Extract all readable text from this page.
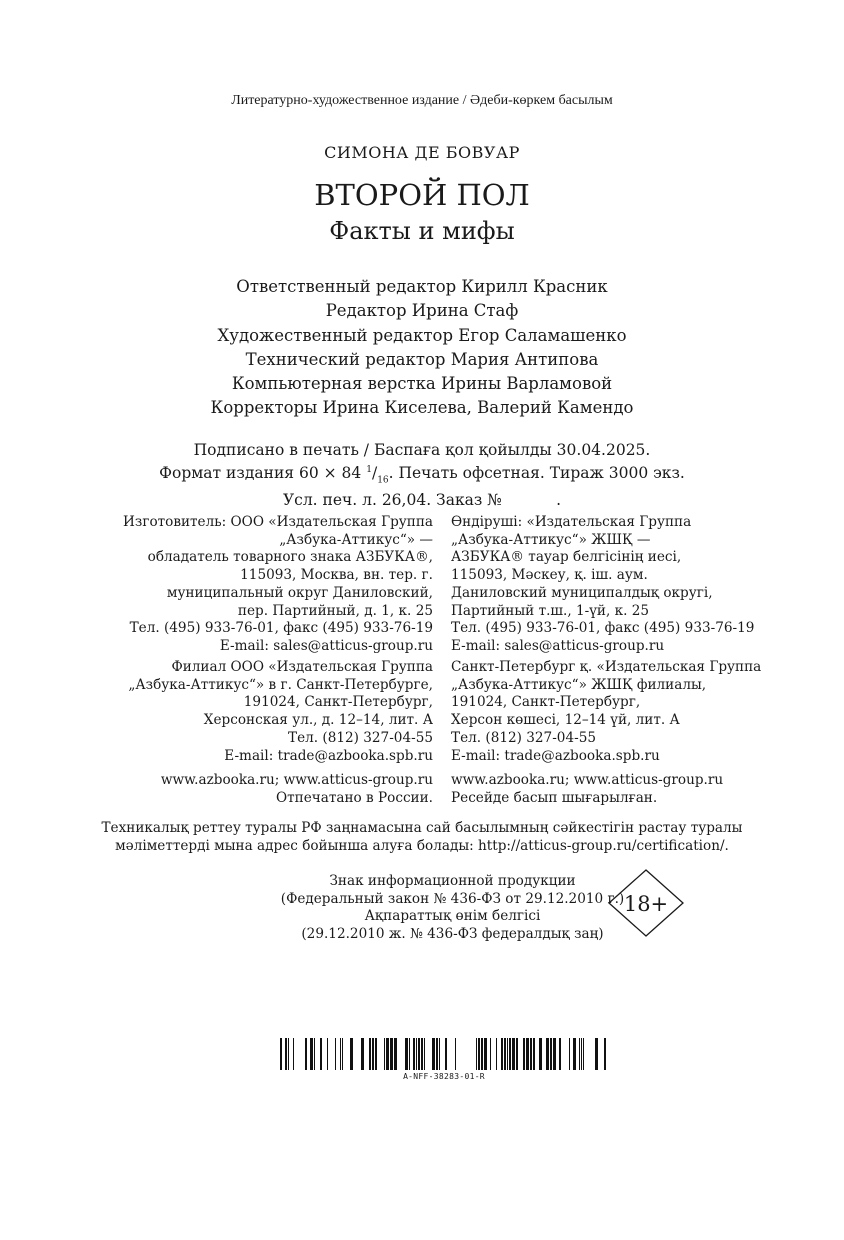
Литературно-художественное издание / Әдеби-көркем басылым
СИМОНА ДЕ БОВУАР
ВТОРОЙ ПОЛ
Факты и мифы
Ответственный редактор Кирилл Красник
Редактор Ирина Стаф
Художественный редактор Егор Саламашенко
Технический редактор Мария Антипова
Компьютерная верстка Ирины Варламовой
Корректоры Ирина Киселева, Валерий Камендо
Подписано в печать / Баспаға қол қойылды 30.04.2025.
Формат издания 60 × 84 $^1/_{16}$. Печать офсетная. Тираж 3000 экз.
Усл. печ. л. 26,04. Заказ №           .
Изготовитель: ООО «Издательская Группа
„Азбука-Аттикус“» —
обладатель товарного знака АЗБУКА®,
115093, Москва, вн. тер. г.
муниципальный округ Даниловский,
пер. Партийный, д. 1, к. 25
Тел. (495) 933-76-01, факс (495) 933-76-19
E-mail: sales@atticus-group.ru
Өндіруші: «Издательская Группа
„Азбука-Аттикус“» ЖШҚ —
АЗБУКА® тауар белгісінің иесі,
115093, Мәскеу, қ. іш. аум.
Даниловский муниципалдық округі,
Партийный т.ш., 1-үй, к. 25
Тел. (495) 933-76-01, факс (495) 933-76-19
E-mail: sales@atticus-group.ru
Филиал ООО «Издательская Группа
„Азбука-Аттикус“» в г. Санкт-Петербурге,
191024, Санкт-Петербург,
Херсонская ул., д. 12–14, лит. А
Тел. (812) 327-04-55
E-mail: trade@azbooka.spb.ru
Санкт-Петербург қ. «Издательская Группа
„Азбука-Аттикус“» ЖШҚ филиалы,
191024, Санкт-Петербург,
Херсон көшесі, 12–14 үй, лит. А
Тел. (812) 327-04-55
E-mail: trade@azbooka.spb.ru
www.azbooka.ru; www.atticus-group.ru
Отпечатано в России.
www.azbooka.ru; www.atticus-group.ru
Ресейде басып шығарылған.
Техникалық реттеу туралы РФ заңнамасына сай басылымның сәйкестігін растау туралы
мәліметтерді мына адрес бойынша алуға болады: http://atticus-group.ru/certification/.
Знак информационной продукции
(Федеральный закон № 436-ФЗ от 29.12.2010 г.)
Ақпараттық өнім белгісі
(29.12.2010 ж. № 436-ФЗ федералдық заң)
18+
A-NFF-38283-01-R
